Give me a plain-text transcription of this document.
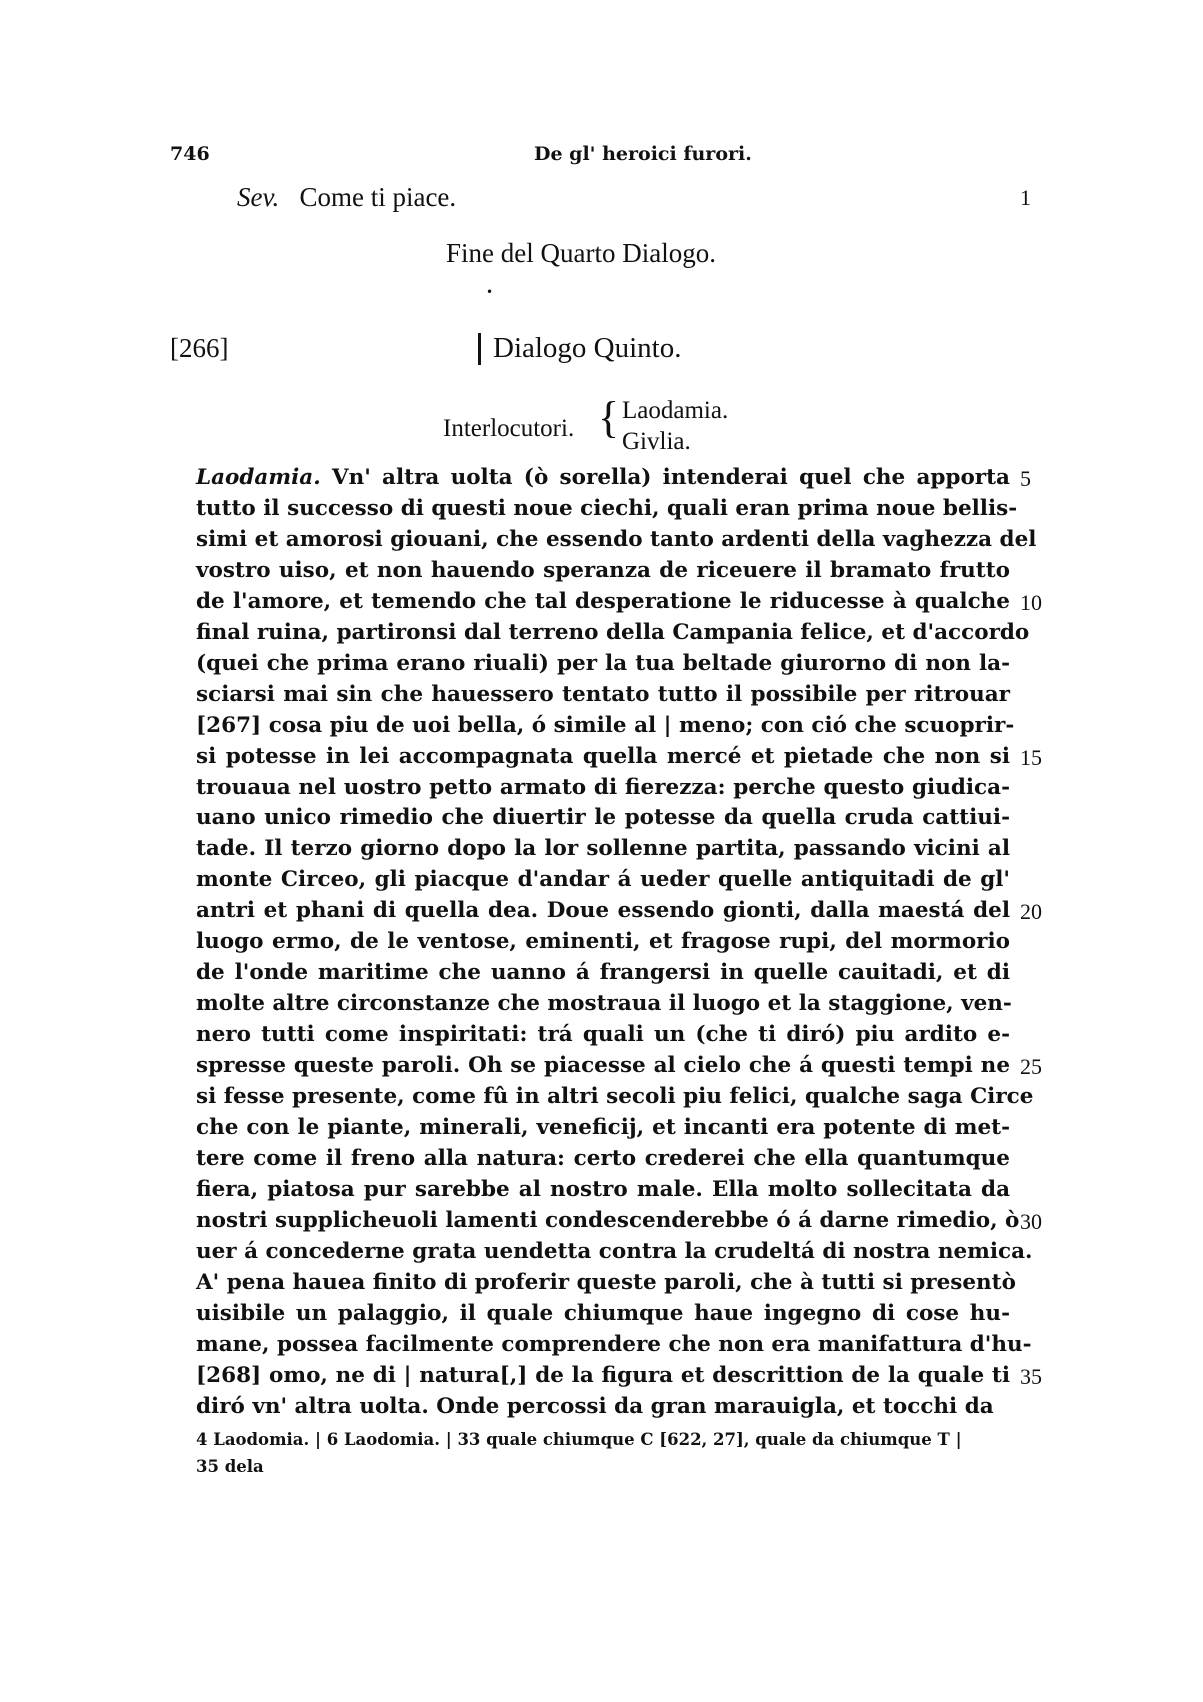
746	De gl' heroici furori.
Sev. Come ti piace.	1
Fine del Quarto Dialogo.
•
[266]	Dialogo Quinto.
Interlocutori. { Laodamia.
Givlia.
Laodamia. Vn' altra uolta (ò sorella) intenderai quel che apporta 5
tutto il successo di questi noue ciechi, quali eran prima noue bellis-
simi et amorosi giouani, che essendo tanto ardenti della vaghezza del
vostro uiso, et non hauendo speranza de riceuere il bramato frutto
de l'amore, et temendo che tal desperatione le riducesse à qualche 10
final ruina, partironsi dal terreno della Campania felice, et d'accordo
(quei che prima erano riuali) per la tua beltade giurorno di non la-
sciarsi mai sin che hauessero tentato tutto il possibile per ritrouar
[267] cosa piu de uoi bella, ó simile al | meno; con ció che scuoprir-
si potesse in lei accompagnata quella mercé et pietade che non si 15
trouaua nel uostro petto armato di fierezza: perche questo giudica-
uano unico rimedio che diuertir le potesse da quella cruda cattiui-
tade. Il terzo giorno dopo la lor sollenne partita, passando vicini al
monte Circeo, gli piacque d'andar á ueder quelle antiquitadi de gl'
antri et phani di quella dea. Doue essendo gionti, dalla maestá del 20
luogo ermo, de le ventose, eminenti, et fragose rupi, del mormorio
de l'onde maritime che uanno á frangersi in quelle cauitadi, et di
molte altre circonstanze che mostraua il luogo et la staggione, ven-
nero tutti come inspiritati: trá quali un (che ti diró) piu ardito e-
spresse queste paroli. Oh se piacesse al cielo che á questi tempi ne 25
si fesse presente, come fû in altri secoli piu felici, qualche saga Circe
che con le piante, minerali, veneficij, et incanti era potente di met-
tere come il freno alla natura: certo crederei che ella quantumque
fiera, piatosa pur sarebbe al nostro male. Ella molto sollecitata da
nostri supplicheuoli lamenti condescenderebbe ó á darne rimedio, ò 30
uer á concederne grata uendetta contra la crudeltá di nostra nemica.
A' pena hauea finito di proferir queste paroli, che à tutti si presentò
uisibile un palaggio, il quale chiumque haue ingegno di cose hu-
mane, possea facilmente comprendere che non era manifattura d'hu-
[268] omo, ne di | natura[,] de la figura et descrittion de la quale ti 35
diró vn' altra uolta. Onde percossi da gran marauigla, et tocchi da
4 Laodomia. | 6 Laodomia. | 33 quale chiumque C [622, 27], quale da chiumque T |
35 dela
